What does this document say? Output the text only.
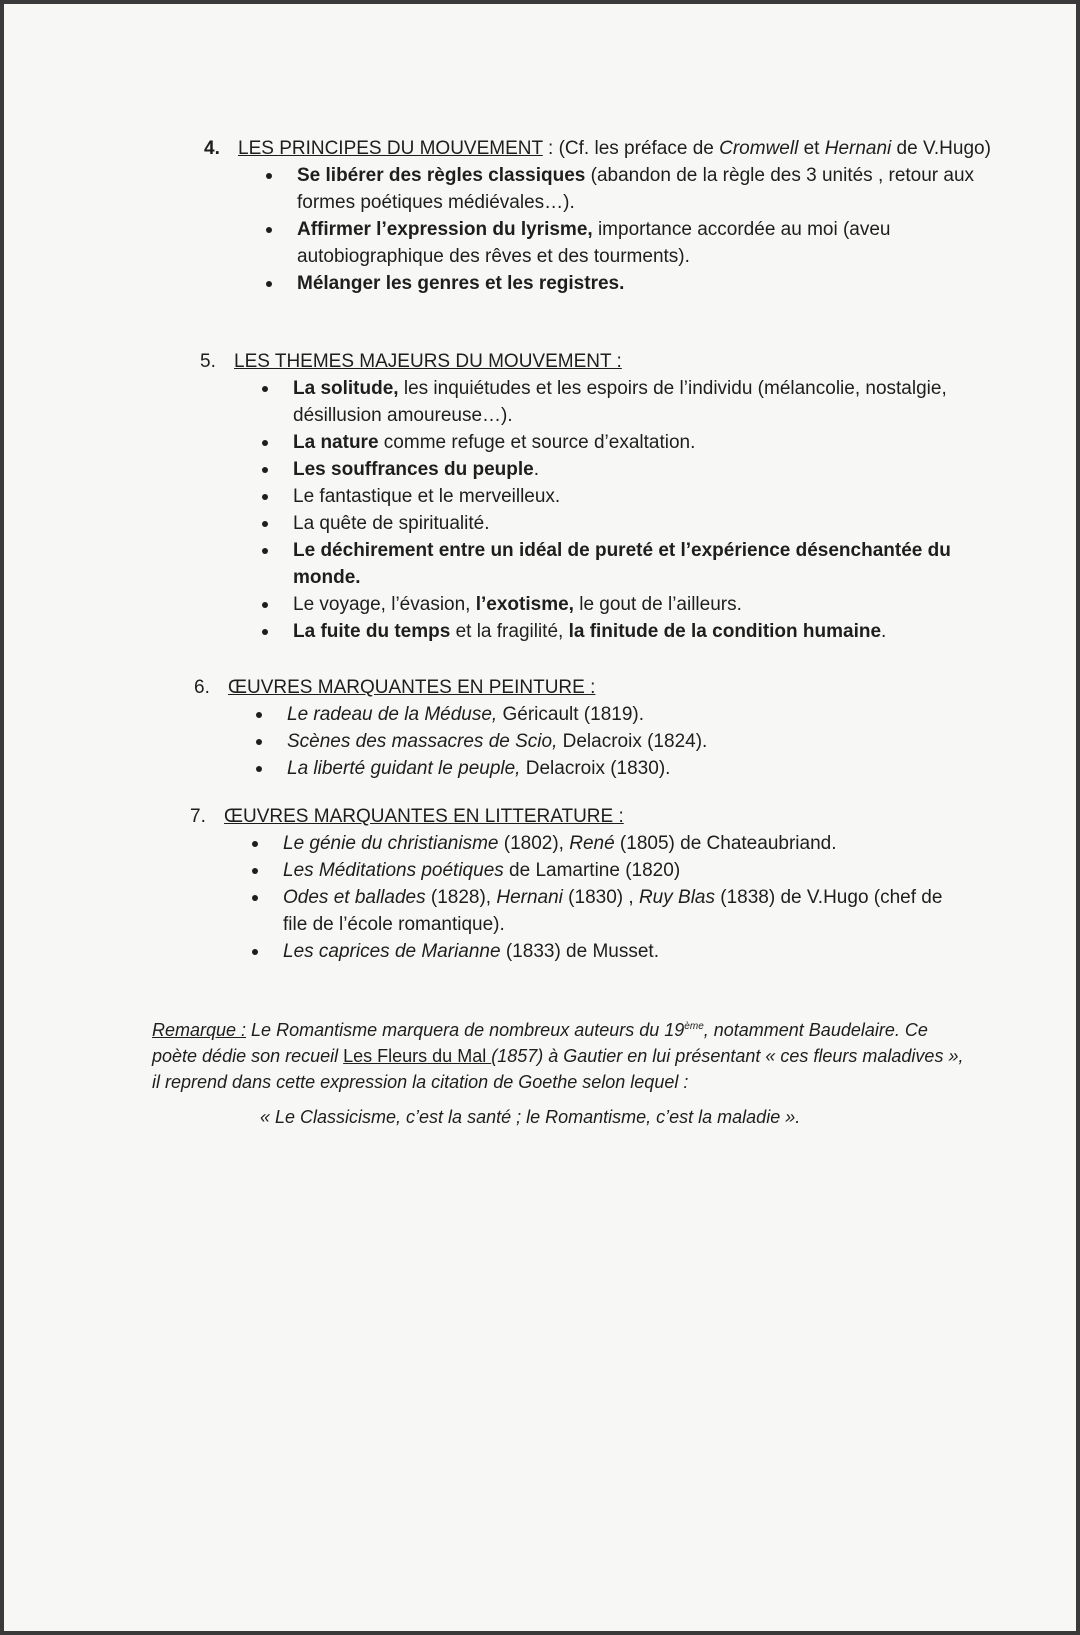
4. LES PRINCIPES DU MOUVEMENT : (Cf. les préface de Cromwell et Hernani de V.Hugo)
Se libérer des règles classiques (abandon de la règle des 3 unités , retour aux formes poétiques médiévales…).
Affirmer l’expression du lyrisme, importance accordée au moi (aveu autobiographique des rêves et des tourments).
Mélanger les genres et les registres.
5. LES THEMES MAJEURS DU MOUVEMENT :
La solitude, les inquiétudes et les espoirs de l’individu (mélancolie, nostalgie, désillusion amoureuse…).
La nature comme refuge et source d’exaltation.
Les souffrances du peuple.
Le fantastique et le merveilleux.
La quête de spiritualité.
Le déchirement entre un idéal de pureté et l’expérience désenchantée du monde.
Le voyage, l’évasion, l’exotisme, le gout de l’ailleurs.
La fuite du temps et la fragilité, la finitude de la condition humaine.
6. ŒUVRES MARQUANTES EN PEINTURE :
Le radeau de la Méduse, Géricault (1819).
Scènes des massacres de Scio, Delacroix (1824).
La liberté guidant le peuple, Delacroix (1830).
7. ŒUVRES MARQUANTES EN LITTERATURE :
Le génie du christianisme (1802), René (1805) de Chateaubriand.
Les Méditations poétiques de Lamartine (1820)
Odes et ballades (1828), Hernani (1830) , Ruy Blas (1838) de V.Hugo (chef de file de l’école romantique).
Les caprices de Marianne (1833) de Musset.
Remarque : Le Romantisme marquera de nombreux auteurs du 19ème, notamment Baudelaire. Ce poète dédie son recueil Les Fleurs du Mal (1857) à Gautier en lui présentant « ces fleurs maladives », il reprend dans cette expression la citation de Goethe selon lequel :
« Le Classicisme, c’est la santé ; le Romantisme, c’est la maladie ».
